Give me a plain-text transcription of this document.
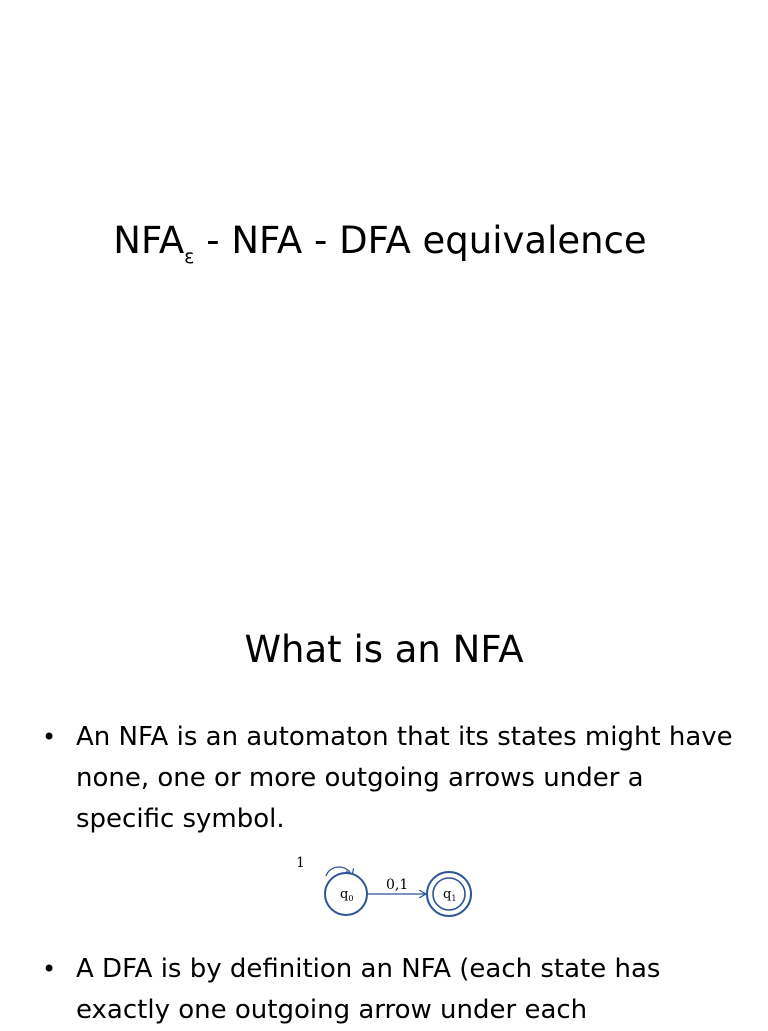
$NFA_\varepsilon$ - NFA - DFA equivalence
What is an NFA
• An NFA is an automaton that its states might have none, one or more outgoing arrows under a specific symbol.
1
$q_0$
0,1
$q_1$
• A DFA is by definition an NFA (each state has exactly one outgoing arrow under each
